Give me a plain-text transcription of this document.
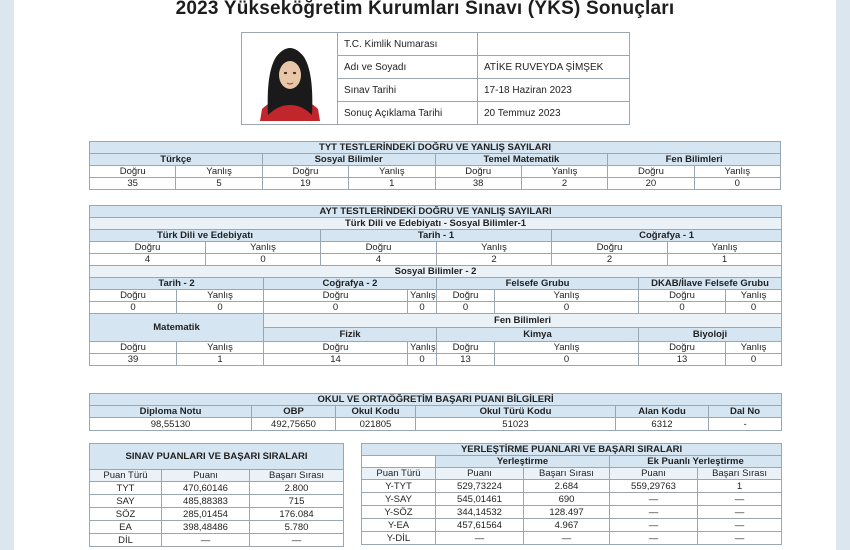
2023 Yükseköğretim Kurumları Sınavı (YKS) Sonuçları
	T.C. Kimlik Numarası	
	Adı ve Soyadı	ATİKE RUVEYDA ŞİMŞEK
	Sınav Tarihi	17-18 Haziran 2023
	Sonuç Açıklama Tarihi	20 Temmuz 2023
TYT TESTLERİNDEKİ DOĞRU VE YANLIŞ SAYILARI							
Türkçe		Sosyal Bilimler		Temel Matematik		Fen Bilimleri	
Doğru	Yanlış	Doğru	Yanlış	Doğru	Yanlış	Doğru	Yanlış
35	5	19	1	38	2	20	0
AYT TESTLERİNDEKİ DOĞRU VE YANLIŞ SAYILARI											
Türk Dili ve Edebiyatı - Sosyal Bilimler-1											
Türk Dili ve Edebiyatı				Tarih - 1				Coğrafya - 1			
Doğru		Yanlış		Doğru		Yanlış		Doğru		Yanlış	
4		0		4		2		2		1	
Sosyal Bilimler - 2											
Tarih - 2			Coğrafya - 2			Felsefe Grubu			DKAB/İlave Felsefe Grubu		
Doğru	Yanlış		Doğru		Yanlış	Doğru	Yanlış		Doğru		Yanlış
0	0		0		0	0	0		0		0
Matematik			Fen Bilimleri								
			Fizik			Kimya			Biyoloji		
Doğru	Yanlış		Doğru		Yanlış	Doğru	Yanlış		Doğru		Yanlış
39	1		14		0	13	0		13		0
OKUL VE ORTAÖĞRETİM BAŞARI PUANI BİLGİLERİ					
Diploma Notu	OBP	Okul Kodu	Okul Türü Kodu	Alan Kodu	Dal No
98,55130	492,75650	021805	51023	6312	-
SINAV PUANLARI VE BAŞARI SIRALARI		
Puan Türü	Puanı	Başarı Sırası
TYT	470,60146	2.800
SAY	485,88383	715
SÖZ	285,01454	176.084
EA	398,48486	5.780
DİL	—	—
YERLEŞTİRME PUANLARI VE BAŞARI SIRALARI				
	Yerleştirme		Ek Puanlı Yerleştirme	
Puan Türü	Puanı	Başarı Sırası	Puanı	Başarı Sırası
Y-TYT	529,73224	2.684	559,29763	1
Y-SAY	545,01461	690	—	—
Y-SÖZ	344,14532	128.497	—	—
Y-EA	457,61564	4.967	—	—
Y-DİL	—	—	—	—
